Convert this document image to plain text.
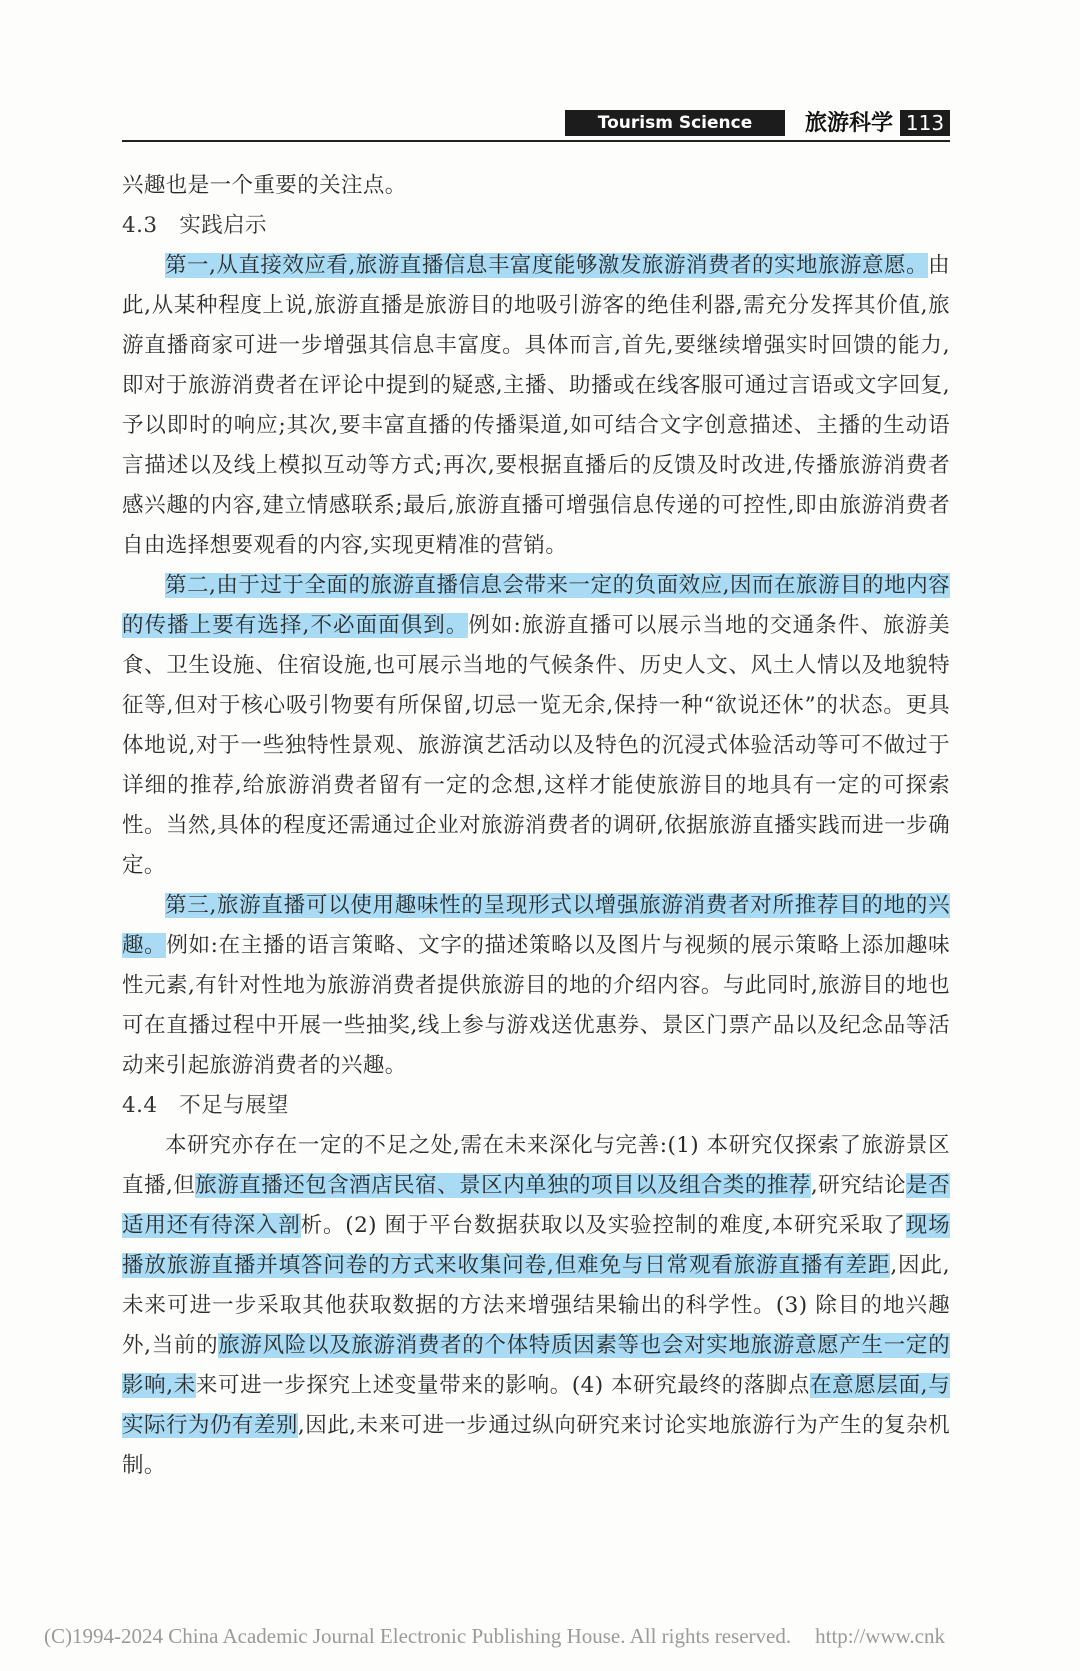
Tourism Science	旅游科学 113

兴趣也是一个重要的关注点。

4.3　实践启示

第一,从直接效应看,旅游直播信息丰富度能够激发旅游消费者的实地旅游意愿。由此,从某种程度上说,旅游直播是旅游目的地吸引游客的绝佳利器,需充分发挥其价值,旅游直播商家可进一步增强其信息丰富度。具体而言,首先,要继续增强实时回馈的能力,即对于旅游消费者在评论中提到的疑惑,主播、助播或在线客服可通过言语或文字回复,予以即时的响应;其次,要丰富直播的传播渠道,如可结合文字创意描述、主播的生动语言描述以及线上模拟互动等方式;再次,要根据直播后的反馈及时改进,传播旅游消费者感兴趣的内容,建立情感联系;最后,旅游直播可增强信息传递的可控性,即由旅游消费者自由选择想要观看的内容,实现更精准的营销。

第二,由于过于全面的旅游直播信息会带来一定的负面效应,因而在旅游目的地内容的传播上要有选择,不必面面俱到。例如:旅游直播可以展示当地的交通条件、旅游美食、卫生设施、住宿设施,也可展示当地的气候条件、历史人文、风土人情以及地貌特征等,但对于核心吸引物要有所保留,切忌一览无余,保持一种“欲说还休”的状态。更具体地说,对于一些独特性景观、旅游演艺活动以及特色的沉浸式体验活动等可不做过于详细的推荐,给旅游消费者留有一定的念想,这样才能使旅游目的地具有一定的可探索性。当然,具体的程度还需通过企业对旅游消费者的调研,依据旅游直播实践而进一步确定。

第三,旅游直播可以使用趣味性的呈现形式以增强旅游消费者对所推荐目的地的兴趣。例如:在主播的语言策略、文字的描述策略以及图片与视频的展示策略上添加趣味性元素,有针对性地为旅游消费者提供旅游目的地的介绍内容。与此同时,旅游目的地也可在直播过程中开展一些抽奖,线上参与游戏送优惠券、景区门票产品以及纪念品等活动来引起旅游消费者的兴趣。

4.4　不足与展望

本研究亦存在一定的不足之处,需在未来深化与完善:(1) 本研究仅探索了旅游景区直播,但旅游直播还包含酒店民宿、景区内单独的项目以及组合类的推荐,研究结论是否适用还有待深入剖析。(2) 囿于平台数据获取以及实验控制的难度,本研究采取了现场播放旅游直播并填答问卷的方式来收集问卷,但难免与日常观看旅游直播有差距,因此,未来可进一步采取其他获取数据的方法来增强结果输出的科学性。(3) 除目的地兴趣外,当前的旅游风险以及旅游消费者的个体特质因素等也会对实地旅游意愿产生一定的影响,未来可进一步探究上述变量带来的影响。(4) 本研究最终的落脚点在意愿层面,与实际行为仍有差别,因此,未来可进一步通过纵向研究来讨论实地旅游行为产生的复杂机制。

(C)1994-2024 China Academic Journal Electronic Publishing House. All rights reserved. http://www.cnk
